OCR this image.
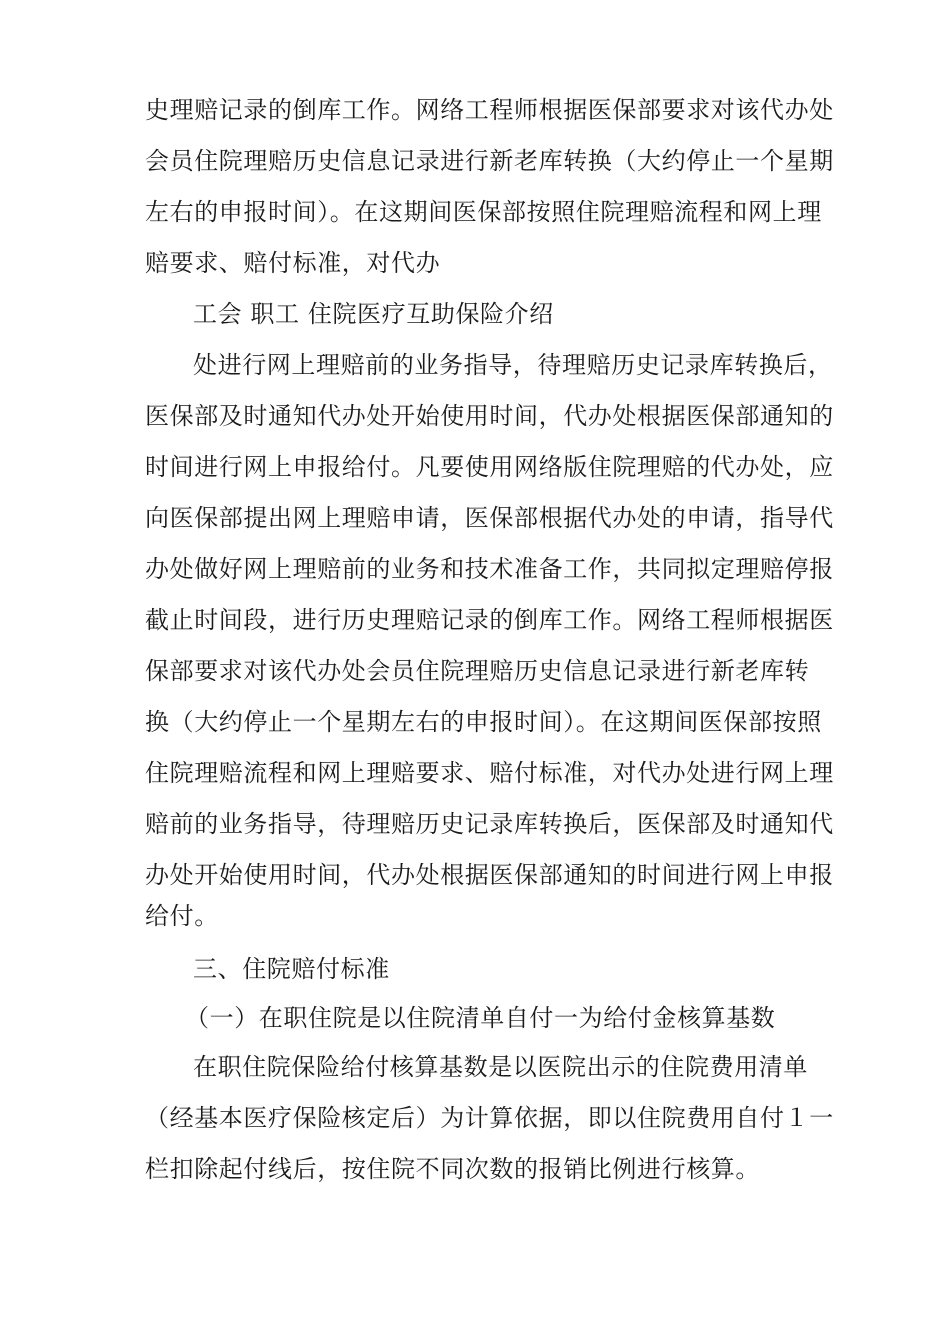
史理赔记录的倒库工作。网络工程师根据医保部要求对该代办处
会员住院理赔历史信息记录进行新老库转换（大约停止一个星期
左右的申报时间）。在这期间医保部按照住院理赔流程和网上理
赔要求、赔付标准，对代办
工会 职工 住院医疗互助保险介绍
处进行网上理赔前的业务指导，待理赔历史记录库转换后，
医保部及时通知代办处开始使用时间，代办处根据医保部通知的
时间进行网上申报给付。凡要使用网络版住院理赔的代办处，应
向医保部提出网上理赔申请，医保部根据代办处的申请，指导代
办处做好网上理赔前的业务和技术准备工作，共同拟定理赔停报
截止时间段，进行历史理赔记录的倒库工作。网络工程师根据医
保部要求对该代办处会员住院理赔历史信息记录进行新老库转
换（大约停止一个星期左右的申报时间）。在这期间医保部按照
住院理赔流程和网上理赔要求、赔付标准，对代办处进行网上理
赔前的业务指导，待理赔历史记录库转换后，医保部及时通知代
办处开始使用时间，代办处根据医保部通知的时间进行网上申报
给付。
三、住院赔付标准
（一）在职住院是以住院清单自付一为给付金核算基数
在职住院保险给付核算基数是以医院出示的住院费用清单
（经基本医疗保险核定后）为计算依据，即以住院费用自付１一
栏扣除起付线后，按住院不同次数的报销比例进行核算。
